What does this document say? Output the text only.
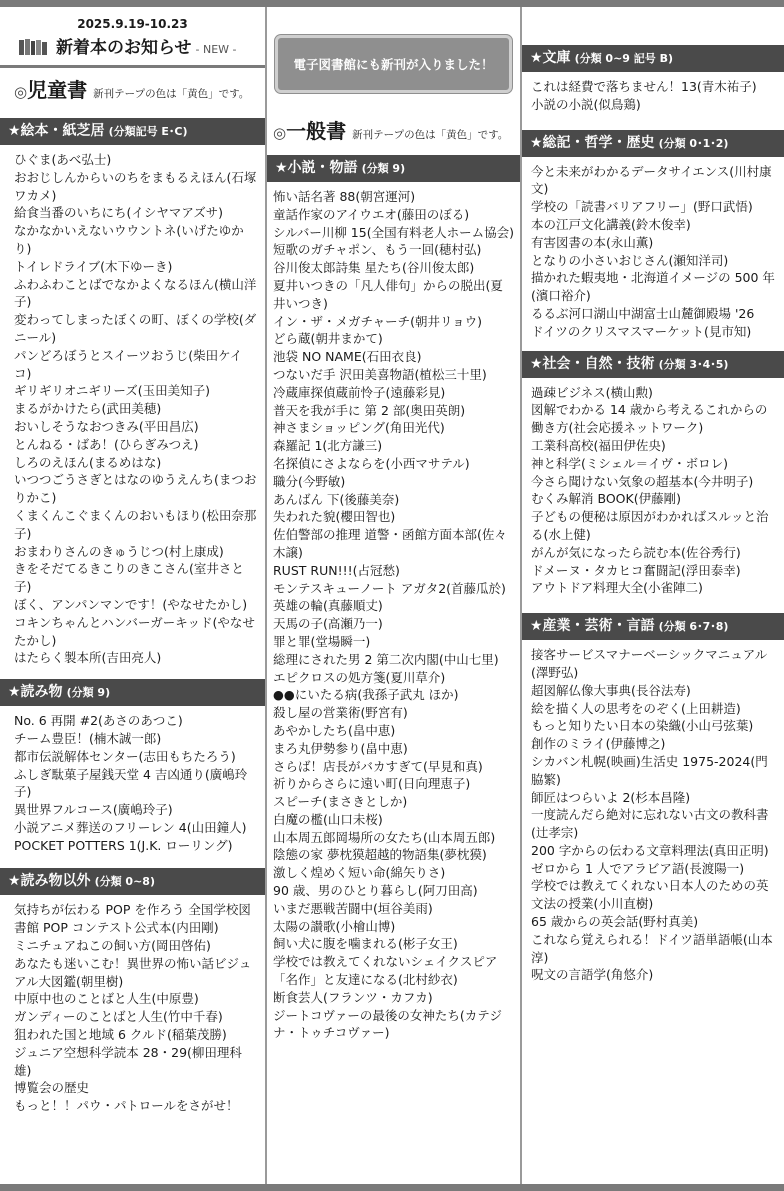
2025.9.19-10.23
新着本のお知らせ - NEW -
◎児童書 新刊テープの色は「黄色」です。
★絵本・紙芝居 (分類記号 E･C)
ひぐま(あべ弘士)
おおじしんからいのちをまもるえほん(石塚ワカメ)
給食当番のいちにち(イシヤマアズサ)
なかなかいえないウウントネ(いげたゆかり)
トイレドライブ(木下ゆーき)
ふわふわことばでなかよくなるほん(横山洋子)
変わってしまったぼくの町、ぼくの学校(ダニール)
パンどろぼうとスイーツおうじ(柴田ケイコ)
ギリギリオニギリーズ(玉田美知子)
まるがかけたら(武田美穂)
おいしそうなおつきみ(平田昌広)
とんねる・ばあ！(ひらぎみつえ)
しろのえほん(まるめはな)
いつつごうさぎとはなのゆうえんち(まつおりかこ)
くまくんこぐまくんのおいもほり(松田奈那子)
おまわりさんのきゅうじつ(村上康成)
きをそだてるきこりのきこさん(室井さと子)
ぼく、アンパンマンです！(やなせたかし)
コキンちゃんとハンバーガーキッド(やなせたかし)
はたらく製本所(吉田亮人)
★読み物 (分類 9)
No. 6 再開 #2(あさのあつこ)
チーム豊臣！(楠木誠一郎)
都市伝説解体センター(志田もちたろう)
ふしぎ駄菓子屋銭天堂 4 吉凶通り(廣嶋玲子)
異世界フルコース(廣嶋玲子)
小説アニメ葬送のフリーレン 4(山田鐘人)
POCKET POTTERS 1(J.K. ローリング)
★読み物以外 (分類 0~8)
気持ちが伝わる POP を作ろう 全国学校図書館 POP コンテスト公式本(内田剛)
ミニチュアねこの飼い方(岡田啓佑)
あなたも迷いこむ！異世界の怖い話ビジュアル大図鑑(朝里樹)
中原中也のことばと人生(中原豊)
ガンディーのことばと人生(竹中千春)
狙われた国と地域 6 クルド(稲葉茂勝)
ジュニア空想科学読本 28・29(柳田理科雄)
博覧会の歴史
もっと！！パウ・パトロールをさがせ！
電子図書館にも新刊が入りました！
◎一般書 新刊テープの色は「黄色」です。
★小説・物語 (分類 9)
怖い話名著 88(朝宮運河)
童話作家のアイウエオ(藤田のぼる)
シルバー川柳 15(全国有料老人ホーム協会)
短歌のガチャポン、もう一回(穂村弘)
谷川俊太郎詩集 星たち(谷川俊太郎)
夏井いつきの「凡人俳句」からの脱出(夏井いつき)
イン・ザ・メガチャーチ(朝井リョウ)
どら蔵(朝井まかて)
池袋 NO NAME(石田衣良)
つないだ手 沢田美喜物語(植松三十里)
冷蔵庫探偵蔵前怜子(遠藤彩見)
普天を我が手に 第 2 部(奥田英朗)
神さまショッピング(角田光代)
森羅記 1(北方謙三)
名探偵にさよならを(小西マサテル)
職分(今野敏)
あんばん 下(後藤美奈)
失われた貌(櫻田智也)
佐伯警部の推理 道警・函館方面本部(佐々木譲)
RUST RUN!!!(占冠愁)
モンテスキューノート アガタ2(首藤瓜於)
英雄の輪(真藤順丈)
天馬の子(高瀬乃一)
罪と罪(堂場瞬一)
総理にされた男 2 第二次内閣(中山七里)
エピクロスの処方箋(夏川草介)
●●にいたる病(我孫子武丸 ほか)
殺し屋の営業術(野宮有)
あやかしたち(畠中恵)
まろ丸伊勢参り(畠中恵)
さらば！店長がバカすぎて(早見和真)
祈りからさらに遠い町(日向理恵子)
スピーチ(まさきとしか)
白魔の檻(山口未桜)
山本周五郎岡場所の女たち(山本周五郎)
陰態の家 夢枕獏超越的物語集(夢枕獏)
激しく煌めく短い命(綿矢りさ)
90 歳、男のひとり暮らし(阿刀田高)
いまだ悪戦苦闘中(垣谷美雨)
太陽の讃歌(小檜山博)
飼い犬に腹を噛まれる(彬子女王)
学校では教えてくれないシェイクスピア「名作」と友達になる(北村紗衣)
断食芸人(フランツ・カフカ)
ジートコヴァーの最後の女神たち(カテジナ・トゥチコヴァー)
★文庫 (分類 0~9 記号 B)
これは経費で落ちません！13(青木祐子)
小説の小説(似鳥鶏)
★総記・哲学・歴史 (分類 0･1･2)
今と未来がわかるデータサイエンス(川村康文)
学校の「読書バリアフリー」(野口武悟)
本の江戸文化講義(鈴木俊幸)
有害図書の本(永山薫)
となりの小さいおじさん(瀬知洋司)
描かれた蝦夷地・北海道イメージの 500 年(濱口裕介)
るるぶ河口湖山中湖富士山麓御殿場 '26
ドイツのクリスマスマーケット(見市知)
★社会・自然・技術 (分類 3･4･5)
過疎ビジネス(横山勲)
図解でわかる 14 歳から考えるこれからの働き方(社会応援ネットワーク)
工業科高校(福田伊佐央)
神と科学(ミシェル＝イヴ・ボロレ)
今さら聞けない気象の超基本(今井明子)
むくみ解消 BOOK(伊藤剛)
子どもの便秘は原因がわかればスルッと治る(水上健)
がんが気になったら読む本(佐谷秀行)
ドメーヌ・タカヒコ奮闘記(浮田泰幸)
アウトドア料理大全(小雀陣二)
★産業・芸術・言語 (分類 6･7･8)
接客サービスマナーベーシックマニュアル(澤野弘)
超図解仏像大事典(長谷法寿)
絵を描く人の思考をのぞく(上田耕造)
もっと知りたい日本の染織(小山弓弦葉)
創作のミライ(伊藤博之)
シカバン札幌(映画)生活史 1975-2024(門脇繁)
師匠はつらいよ 2(杉本昌隆)
一度読んだら絶対に忘れない古文の教科書(辻孝宗)
200 字からの伝わる文章料理法(真田正明)
ゼロから 1 人でアラビア語(長渡陽一)
学校では教えてくれない日本人のための英文法の授業(小川直樹)
65 歳からの英会話(野村真美)
これなら覚えられる！ドイツ語単語帳(山本淳)
呪文の言語学(角悠介)
